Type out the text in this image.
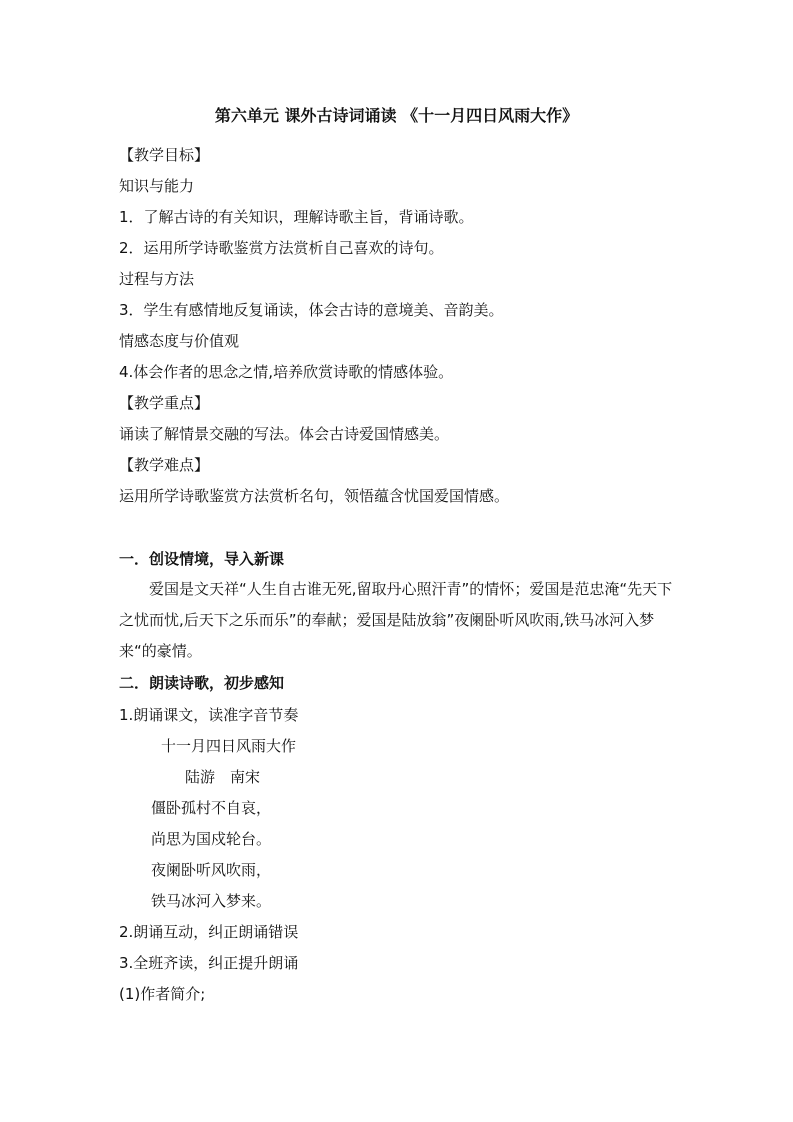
第六单元 课外古诗词诵读 《十一月四日风雨大作》
【教学目标】
知识与能力
1．了解古诗的有关知识，理解诗歌主旨，背诵诗歌。
2．运用所学诗歌鉴赏方法赏析自己喜欢的诗句。
过程与方法
3．学生有感情地反复诵读，体会古诗的意境美、音韵美。
情感态度与价值观
4.体会作者的思念之情,培养欣赏诗歌的情感体验。
【教学重点】
诵读了解情景交融的写法。体会古诗爱国情感美。
【教学难点】
运用所学诗歌鉴赏方法赏析名句，领悟蕴含忧国爱国情感。
一．创设情境，导入新课
爱国是文天祥“人生自古谁无死,留取丹心照汗青”的情怀；爱国是范忠淹“先天下之忧而忧,后天下之乐而乐”的奉献；爱国是陆放翁”夜阑卧听风吹雨,铁马冰河入梦来“的豪情。
二．朗读诗歌，初步感知
1.朗诵课文，读准字音节奏
十一月四日风雨大作
陆游　南宋
僵卧孤村不自哀，
尚思为国戍轮台。
夜阑卧听风吹雨，
铁马冰河入梦来。
2.朗诵互动，纠正朗诵错误
3.全班齐读，纠正提升朗诵
(1)作者简介;
